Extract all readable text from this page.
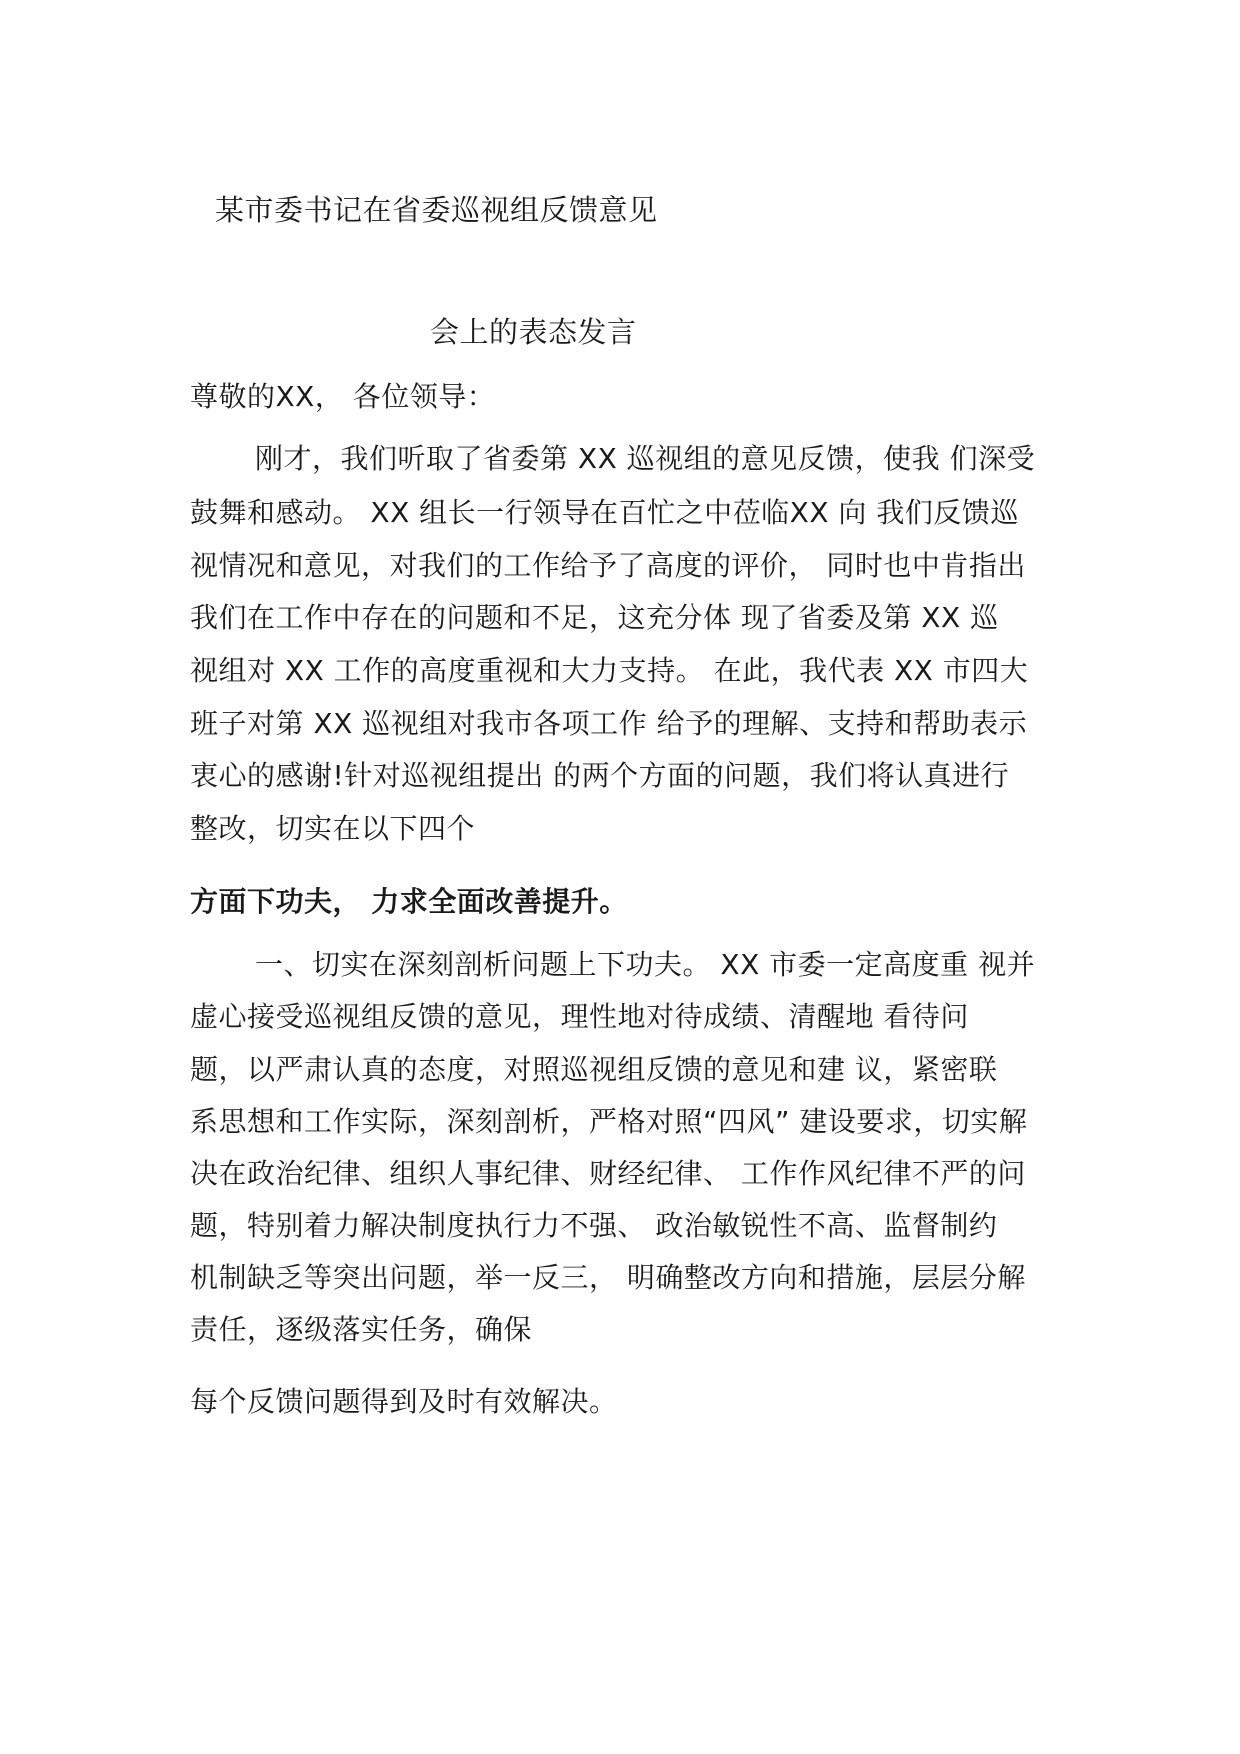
某市委书记在省委巡视组反馈意见
会上的表态发言
尊敬的XX， 各位领导：
刚才，我们听取了省委第 XX 巡视组的意见反馈，使我 们深受
鼓舞和感动。 XX 组长一行领导在百忙之中莅临XX 向 我们反馈巡
视情况和意见，对我们的工作给予了高度的评价， 同时也中肯指出
我们在工作中存在的问题和不足，这充分体 现了省委及第 XX 巡
视组对 XX 工作的高度重视和大力支持。 在此，我代表 XX 市四大
班子对第 XX 巡视组对我市各项工作 给予的理解、支持和帮助表示
衷心的感谢!针对巡视组提出 的两个方面的问题，我们将认真进行
整改，切实在以下四个
方面下功夫， 力求全面改善提升。
一、切实在深刻剖析问题上下功夫。 XX 市委一定高度重 视并
虚心接受巡视组反馈的意见，理性地对待成绩、清醒地 看待问
题，以严肃认真的态度，对照巡视组反馈的意见和建 议，紧密联
系思想和工作实际，深刻剖析，严格对照“四风” 建设要求，切实解
决在政治纪律、组织人事纪律、财经纪律、 工作作风纪律不严的问
题，特别着力解决制度执行力不强、 政治敏锐性不高、监督制约
机制缺乏等突出问题，举一反三， 明确整改方向和措施，层层分解
责任，逐级落实任务，确保
每个反馈问题得到及时有效解决。
